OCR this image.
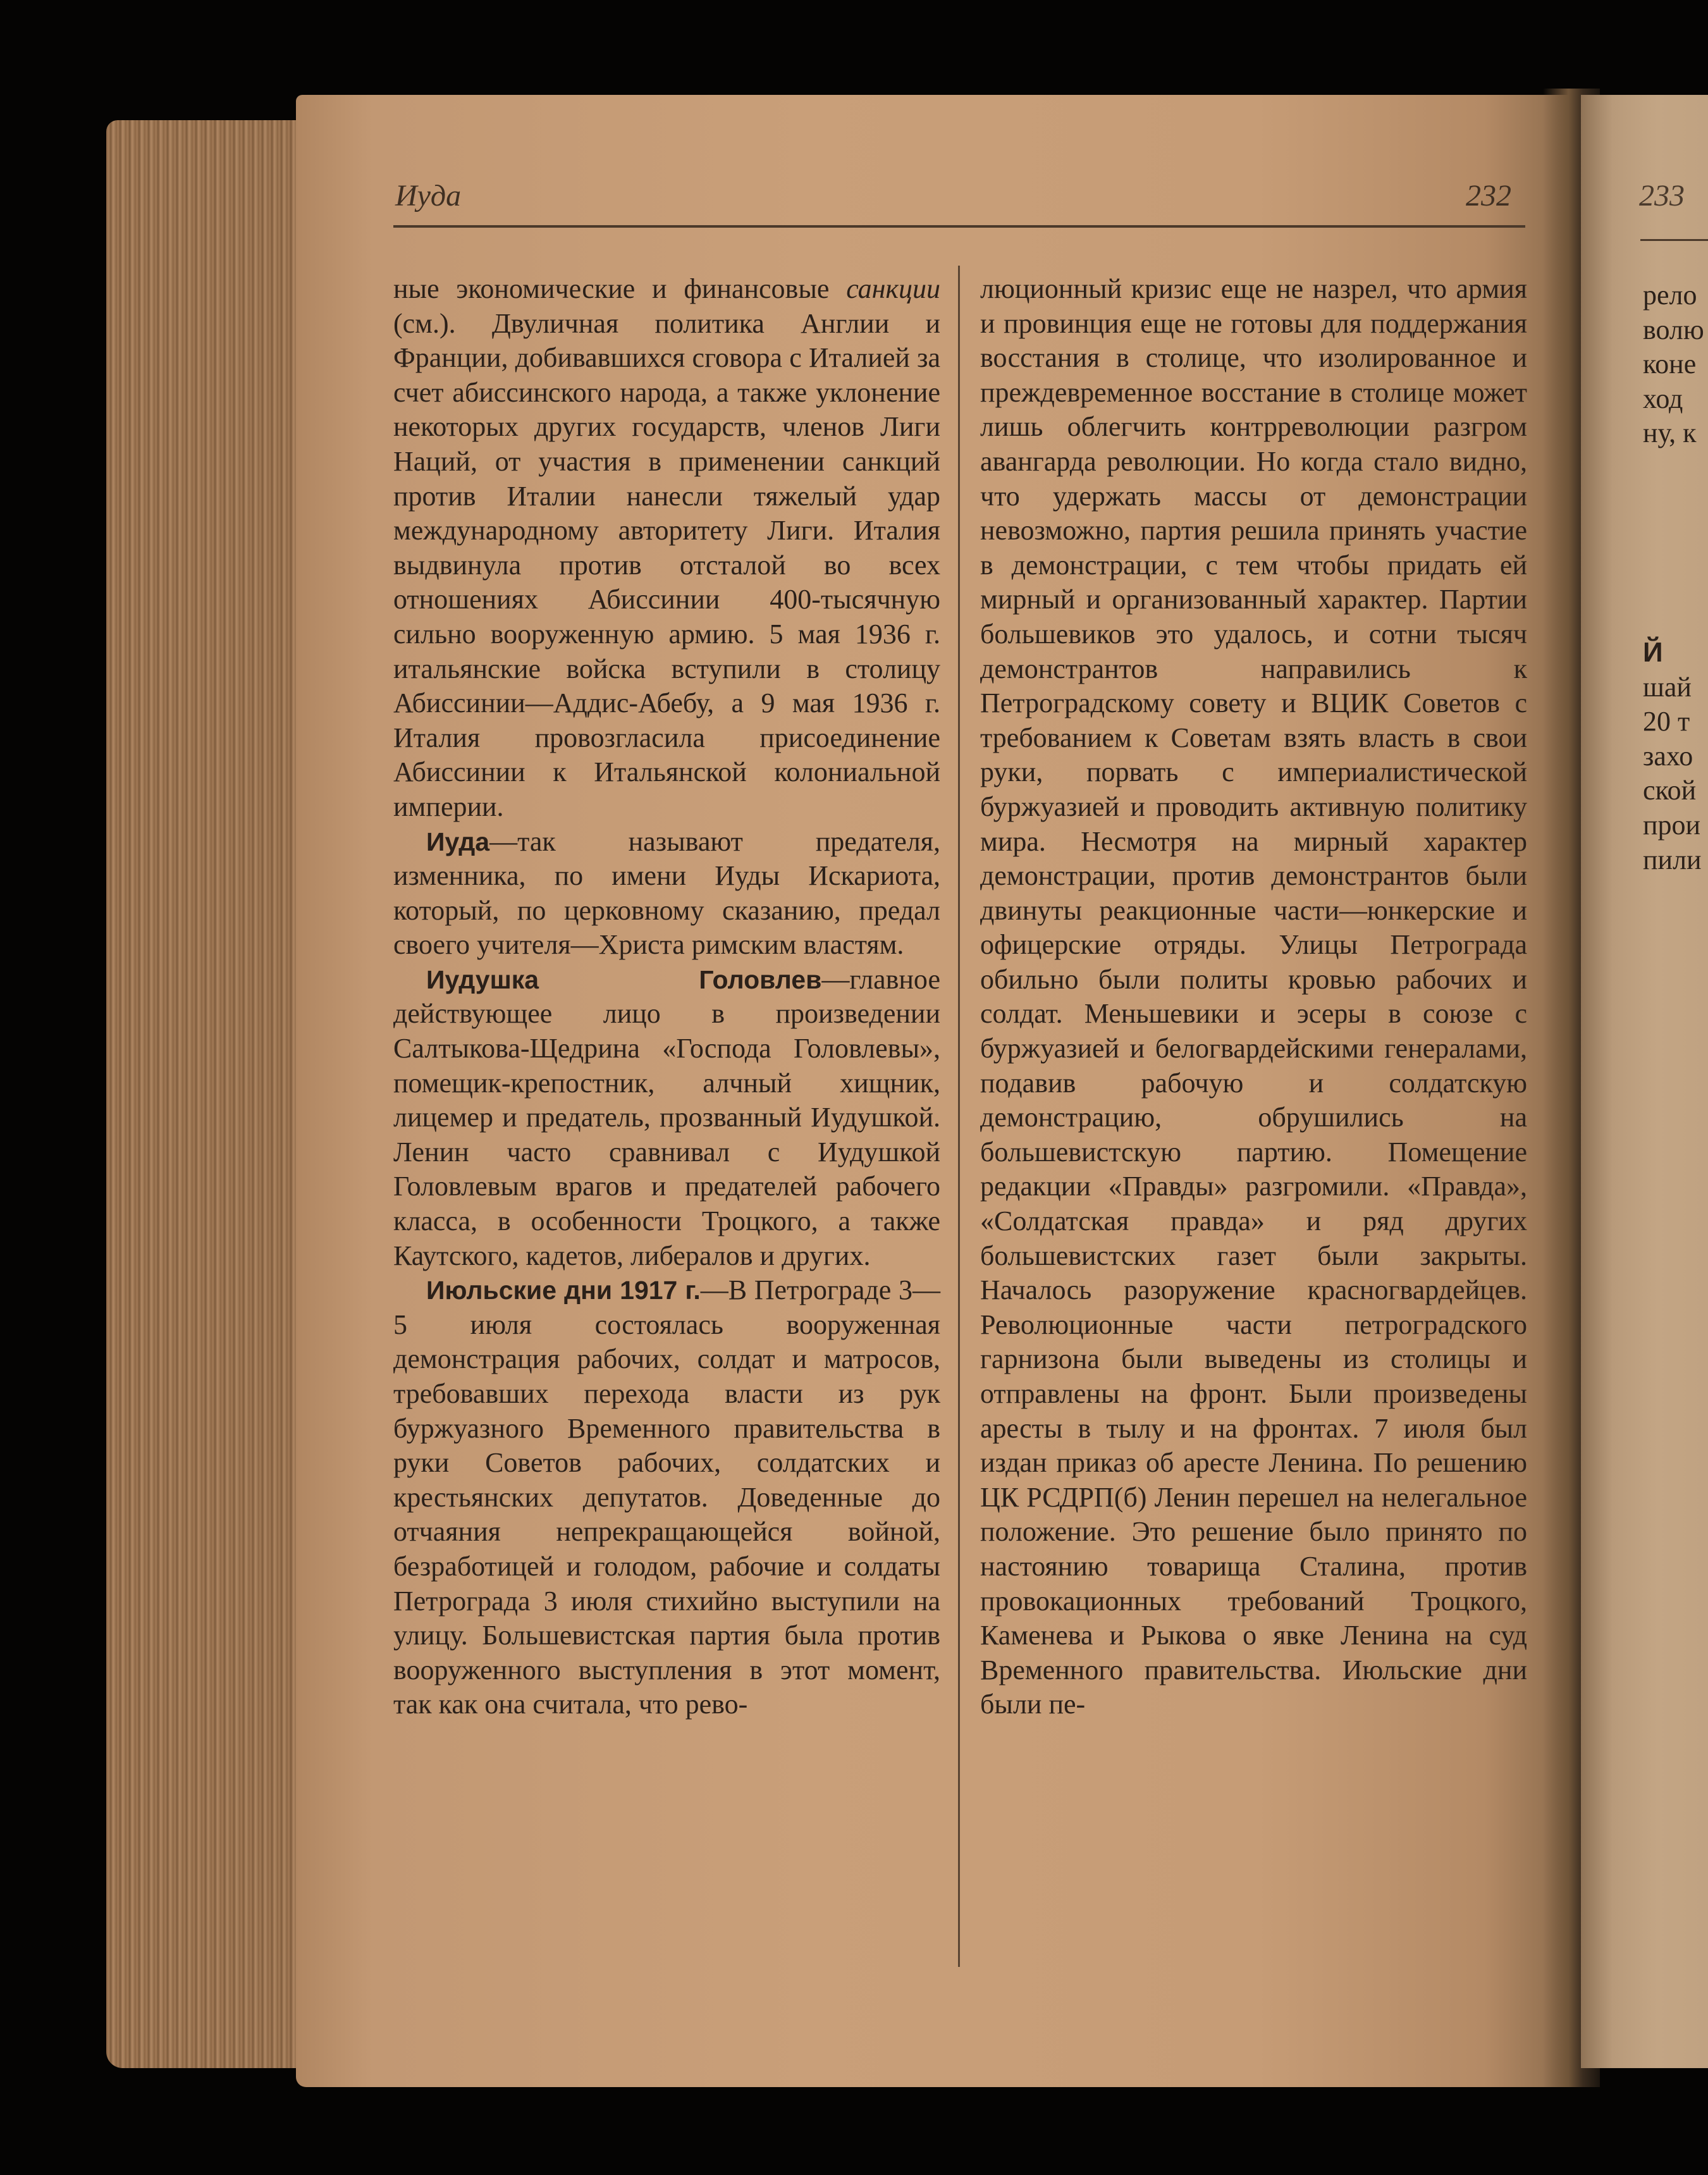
Иуда	232	233

ные экономические и финансовые санкции (см.). Двуличная политика Англии и Франции, добивавшихся сговора с Италией за счет абиссинского народа, а также уклонение некоторых других государств, членов Лиги Наций, от участия в применении санкций против Италии нанесли тяжелый удар международному авторитету Лиги. Италия выдвинула против отсталой во всех отношениях Абиссинии 400-тысячную сильно вооруженную армию. 5 мая 1936 г. итальянские войска вступили в столицу Абиссинии—Аддис-Абебу, а 9 мая 1936 г. Италия провозгласила присоединение Абиссинии к Итальянской колониальной империи.

Иуда—так называют предателя, изменника, по имени Иуды Искариота, который, по церковному сказанию, предал своего учителя—Христа римским властям.

Иудушка Головлев—главное действующее лицо в произведении Салтыкова-Щедрина «Господа Головлевы», помещик-крепостник, алчный хищник, лицемер и предатель, прозванный Иудушкой. Ленин часто сравнивал с Иудушкой Головлевым врагов и предателей рабочего класса, в особенности Троцкого, а также Каутского, кадетов, либералов и других.

Июльские дни 1917 г.—В Петрограде 3—5 июля состоялась вооруженная демонстрация рабочих, солдат и матросов, требовавших перехода власти из рук буржуазного Временного правительства в руки Советов рабочих, солдатских и крестьянских депутатов. Доведенные до отчаяния непрекращающейся войной, безработицей и голодом, рабочие и солдаты Петрограда 3 июля стихийно выступили на улицу. Большевистская партия была против вооруженного выступления в этот момент, так как она считала, что рево-

люционный кризис еще не назрел, что армия и провинция еще не готовы для поддержания восстания в столице, что изолированное и преждевременное восстание в столице может лишь облегчить контрреволюции разгром авангарда революции. Но когда стало видно, что удержать массы от демонстрации невозможно, партия решила принять участие в демонстрации, с тем чтобы придать ей мирный и организованный характер. Партии большевиков это удалось, и сотни тысяч демонстрантов направились к Петроградскому совету и ВЦИК Советов с требованием к Советам взять власть в свои руки, порвать с империалистической буржуазией и проводить активную политику мира. Несмотря на мирный характер демонстрации, против демонстрантов были двинуты реакционные части—юнкерские и офицерские отряды. Улицы Петрограда обильно были политы кровью рабочих и солдат. Меньшевики и эсеры в союзе с буржуазией и белогвардейскими генералами, подавив рабочую и солдатскую демонстрацию, обрушились на большевистскую партию. Помещение редакции «Правды» разгромили. «Правда», «Солдатская правда» и ряд других большевистских газет были закрыты. Началось разоружение красногвардейцев. Революционные части петроградского гарнизона были выведены из столицы и отправлены на фронт. Были произведены аресты в тылу и на фронтах. 7 июля был издан приказ об аресте Ленина. По решению ЦК РСДРП(б) Ленин перешел на нелегальное положение. Это решение было принято по настоянию товарища Сталина, против провокационных требований Троцкого, Каменева и Рыкова о явке Ленина на суд Временного правительства. Июльские дни были пе-

рело
волю
коне
ход
ну, к
Й
шай
20 т
захо
ской
прои
пили
